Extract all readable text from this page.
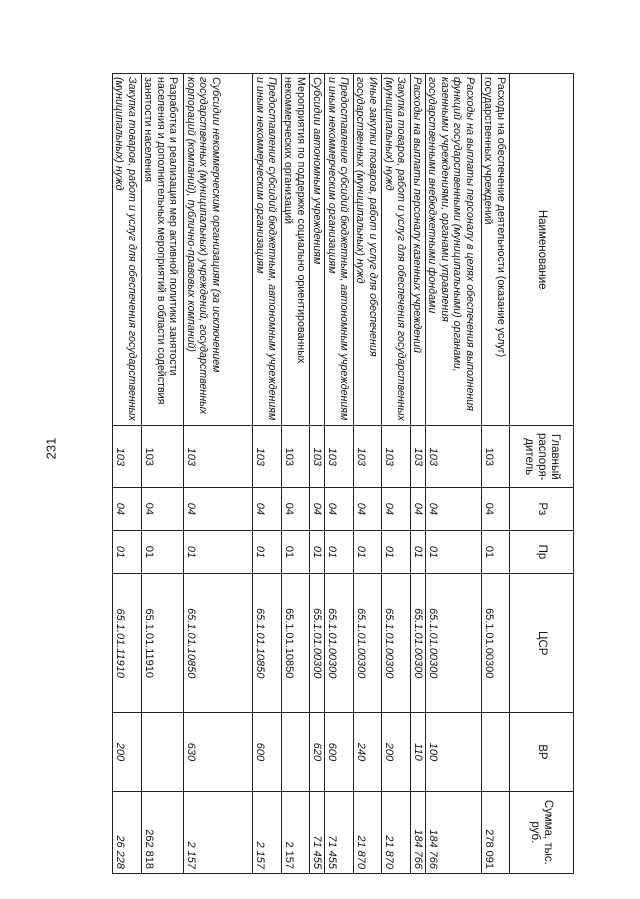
231
Наименование	Главный распоря-дитель	Рз	Пр	ЦСР	ВР	Сумма, тыс. руб.
Расходы на обеспечение деятельности (оказание услуг) государственных учреждений	103	04	01	65.1.01.00300		278 091
Расходы на выплаты персоналу в целях обеспечения выполнения функций государственными (муниципальными) органами, казенными учреждениями, органами управления государственными внебюджетными фондами	103	04	01	65.1.01.00300	100	184 766
Расходы на выплаты персоналу казенных учреждений	103	04	01	65.1.01.00300	110	184 766
Закупка товаров, работ и услуг для обеспечения государственных (муниципальных) нужд	103	04	01	65.1.01.00300	200	21 870
Иные закупки товаров, работ и услуг для обеспечения государственных (муниципальных) нужд	103	04	01	65.1.01.00300	240	21 870
Предоставление субсидий бюджетным, автономным учреждениям и иным некоммерческим организациям	103	04	01	65.1.01.00300	600	71 455
Субсидии автономным учреждениям	103	04	01	65.1.01.00300	620	71 455
Мероприятия по поддержке социально ориентированных некоммерческих организаций	103	04	01	65.1.01.10850		2 157
Предоставление субсидий бюджетным, автономным учреждениям и иным некоммерческим организациям	103	04	01	65.1.01.10850	600	2 157
Субсидии некоммерческим организациям (за исключением государственных (муниципальных) учреждений, государственных корпораций (компаний), публично-правовых компаний)	103	04	01	65.1.01.10850	630	2 157
Разработка и реализация мер активной политики занятости населения и дополнительных мероприятий в области содействия занятости населения	103	04	01	65.1.01.11910		262 818
Закупка товаров, работ и услуг для обеспечения государственных (муниципальных) нужд	103	04	01	65.1.01.11910	200	26 228
